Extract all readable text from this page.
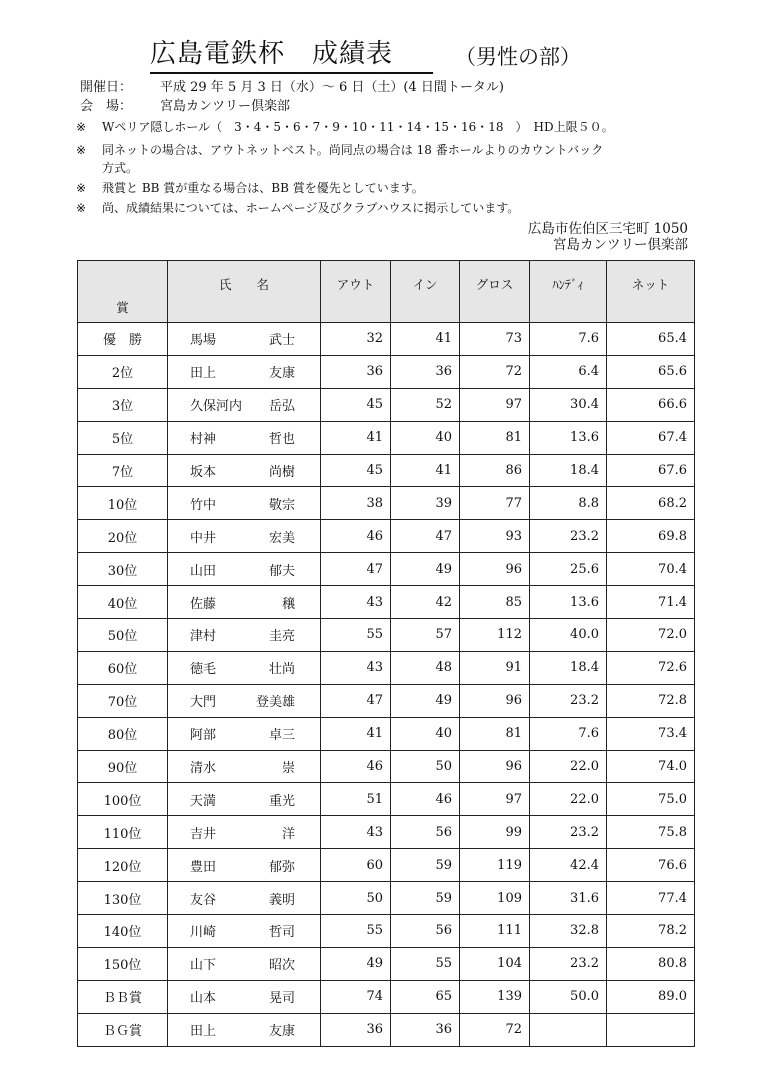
広島電鉄杯　成績表	（男性の部）
開催日： 平成 29 年 5 月 3 日（水）～ 6 日（土）(4 日間トータル)
会　場： 宮島カンツリー倶楽部
※ Wペリア隠しホール（　3・4・5・6・7・9・10・11・14・15・16・18　）　HD上限５０。
※ 同ネットの場合は、アウトネットベスト。尚同点の場合は 18 番ホールよりのカウントバック
方式。
※ 飛賞と BB 賞が重なる場合は、BB 賞を優先としています。
※ 尚、成績結果については、ホームページ及びクラブハウスに掲示しています。
広島市佐伯区三宅町 1050
宮島カンツリー倶楽部
賞	氏　　名	アウト	イン	グロス	ﾊﾝﾃﾞｨ	ネット
優　勝	馬場 武士	32	41	73	7.6	65.4
2位	田上 友康	36	36	72	6.4	65.6
3位	久保河内 岳弘	45	52	97	30.4	66.6
5位	村神 哲也	41	40	81	13.6	67.4
7位	坂本 尚樹	45	41	86	18.4	67.6
10位	竹中 敬宗	38	39	77	8.8	68.2
20位	中井 宏美	46	47	93	23.2	69.8
30位	山田 郁夫	47	49	96	25.6	70.4
40位	佐藤 穣	43	42	85	13.6	71.4
50位	津村 圭亮	55	57	112	40.0	72.0
60位	徳毛 壮尚	43	48	91	18.4	72.6
70位	大門 登美雄	47	49	96	23.2	72.8
80位	阿部 卓三	41	40	81	7.6	73.4
90位	清水 崇	46	50	96	22.0	74.0
100位	天満 重光	51	46	97	22.0	75.0
110位	吉井 洋	43	56	99	23.2	75.8
120位	豊田 郁弥	60	59	119	42.4	76.6
130位	友谷 義明	50	59	109	31.6	77.4
140位	川崎 哲司	55	56	111	32.8	78.2
150位	山下 昭次	49	55	104	23.2	80.8
ＢＢ賞	山本 晃司	74	65	139	50.0	89.0
ＢＧ賞	田上 友康	36	36	72		
